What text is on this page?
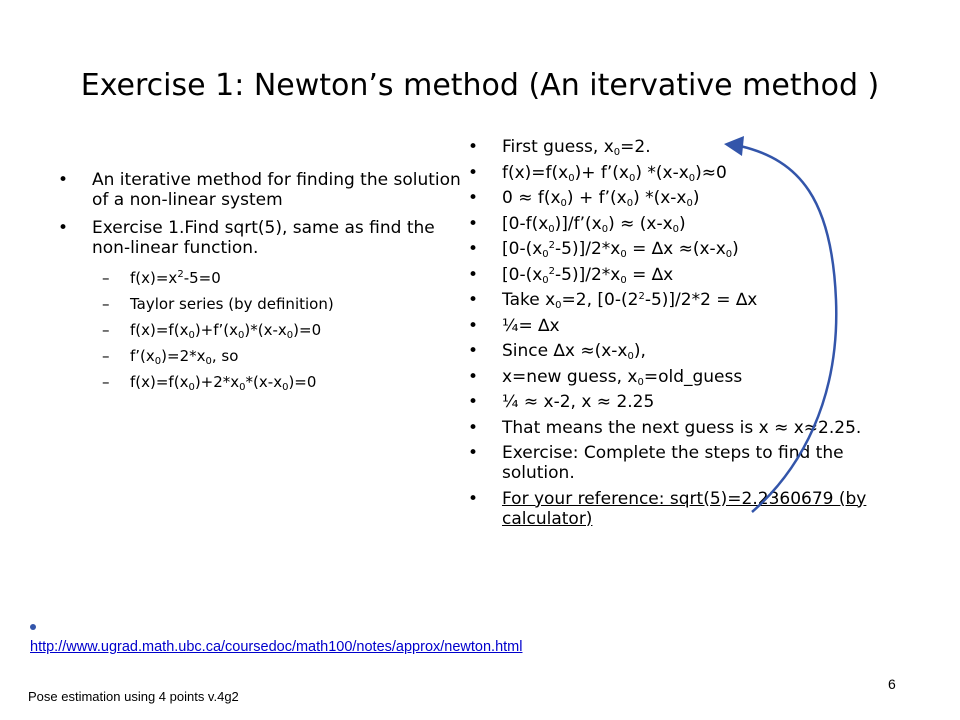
Exercise 1: Newton’s method (An itervative method )
• An iterative method for finding the solution of a non-linear system
• Exercise 1.Find sqrt(5), same as find the non-linear function.
– $f(x)=x^2-5=0$
– Taylor series (by definition)
– $f(x)=f(x_0)+f’(x_0)*(x-x_0)=0$
– $f’(x_0)=2*x_0$, so
– $f(x)=f(x_0)+2*x_0*(x-x_0)=0$
• First guess, $x_0=2$.
• $f(x)=f(x_0)+$ $f’(x_0)$ $*(x-x_0)\approx 0$
• $0 \approx f(x_0)$ + $f’(x_0)$ $*(x-x_0)$
• $[0-f(x_0)]/f’(x_0) \approx (x-x_0)$
• $[0-(x_0^2-5)]/2*x_0 = \Delta x \approx(x-x_0)$
• $[0-(x_0^2-5)]/2*x_0 = \Delta x$
• Take $x_0=2$, $[0-(2^2-5)]/2*2 = \Delta x$
• ¼= ∆x
• Since $\Delta x \approx(x-x_0)$,
• x=new guess, $x_0=old\_guess$
• ¼ ≈ x-2, x ≈ 2.25
• That means the next guess is x ≈ x≈2.25.
• Exercise: Complete the steps to find the solution.
• For your reference: sqrt(5)=2.2360679 (by calculator)
http://www.ugrad.math.ubc.ca/coursedoc/math100/notes/approx/newton.html
Pose estimation using 4 points v.4g2
6
